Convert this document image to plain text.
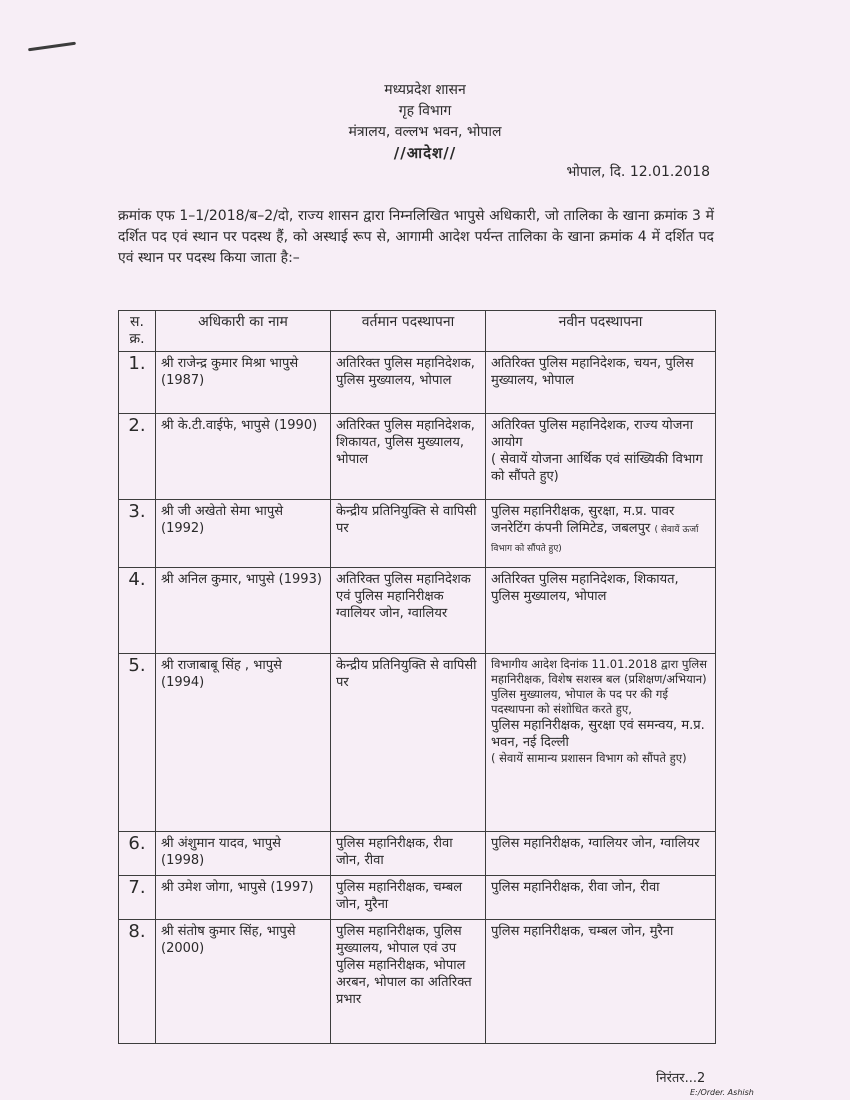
मध्यप्रदेश शासन
गृह विभाग
मंत्रालय, वल्लभ भवन, भोपाल
//आदेश//
भोपाल, दि. 12.01.2018
क्रमांक एफ 1–1/2018/ब–2/दो, राज्य शासन द्वारा निम्नलिखित भापुसे अधिकारी, जो तालिका के खाना क्रमांक 3 में दर्शित पद एवं स्थान पर पदस्थ हैं, को अस्थाई रूप से, आगामी आदेश पर्यन्त तालिका के खाना क्रमांक 4 में दर्शित पद एवं स्थान पर पदस्थ किया जाता है:–
स. क्र.	अधिकारी का नाम	वर्तमान पदस्थापना	नवीन पदस्थापना
1.	श्री राजेन्द्र कुमार मिश्रा भापुसे (1987)	अतिरिक्त पुलिस महानिदेशक, पुलिस मुख्यालय, भोपाल	अतिरिक्त पुलिस महानिदेशक, चयन, पुलिस मुख्यालय, भोपाल
2.	श्री के.टी.वाईफे, भापुसे (1990)	अतिरिक्त पुलिस महानिदेशक, शिकायत, पुलिस मुख्यालय, भोपाल	अतिरिक्त पुलिस महानिदेशक, राज्य योजना आयोग
( सेवायें योजना आर्थिक एवं सांख्यिकी विभाग को सौंपते हुए)

3.	श्री जी अखेतो सेमा भापुसे (1992)	केन्द्रीय प्रतिनियुक्ति से वापिसी पर	पुलिस महानिरीक्षक, सुरक्षा, म.प्र. पावर जनरेटिंग कंपनी लिमिटेड, जबलपुर ( सेवायें ऊर्जा विभाग को सौंपते हुए)
4.	श्री अनिल कुमार, भापुसे (1993)	अतिरिक्त पुलिस महानिदेशक एवं पुलिस महानिरीक्षक ग्वालियर जोन, ग्वालियर	अतिरिक्त पुलिस महानिदेशक, शिकायत, पुलिस मुख्यालय, भोपाल
5.	श्री राजाबाबू सिंह , भापुसे (1994)	केन्द्रीय प्रतिनियुक्ति से वापिसी पर	विभागीय आदेश दिनांक 11.01.2018 द्वारा पुलिस महानिरीक्षक, विशेष सशस्त्र बल (प्रशिक्षण/अभियान) पुलिस मुख्यालय, भोपाल के पद पर की गई पदस्थापना को संशोधित करते हुए,
पुलिस महानिरीक्षक, सुरक्षा एवं समन्वय, म.प्र. भवन, नई दिल्ली
( सेवायें सामान्य प्रशासन विभाग को सौंपते हुए)

6.	श्री अंशुमान यादव, भापुसे (1998)	पुलिस महानिरीक्षक, रीवा जोन, रीवा	पुलिस महानिरीक्षक, ग्वालियर जोन, ग्वालियर
7.	श्री उमेश जोगा, भापुसे (1997)	पुलिस महानिरीक्षक, चम्बल जोन, मुरैना	पुलिस महानिरीक्षक, रीवा जोन, रीवा
8.	श्री संतोष कुमार सिंह, भापुसे (2000)	पुलिस महानिरीक्षक, पुलिस मुख्यालय, भोपाल एवं उप पुलिस महानिरीक्षक, भोपाल अरबन, भोपाल का अतिरिक्त प्रभार	पुलिस महानिरीक्षक, चम्बल जोन, मुरैना
निरंतर...2
E:/Order. Ashish
